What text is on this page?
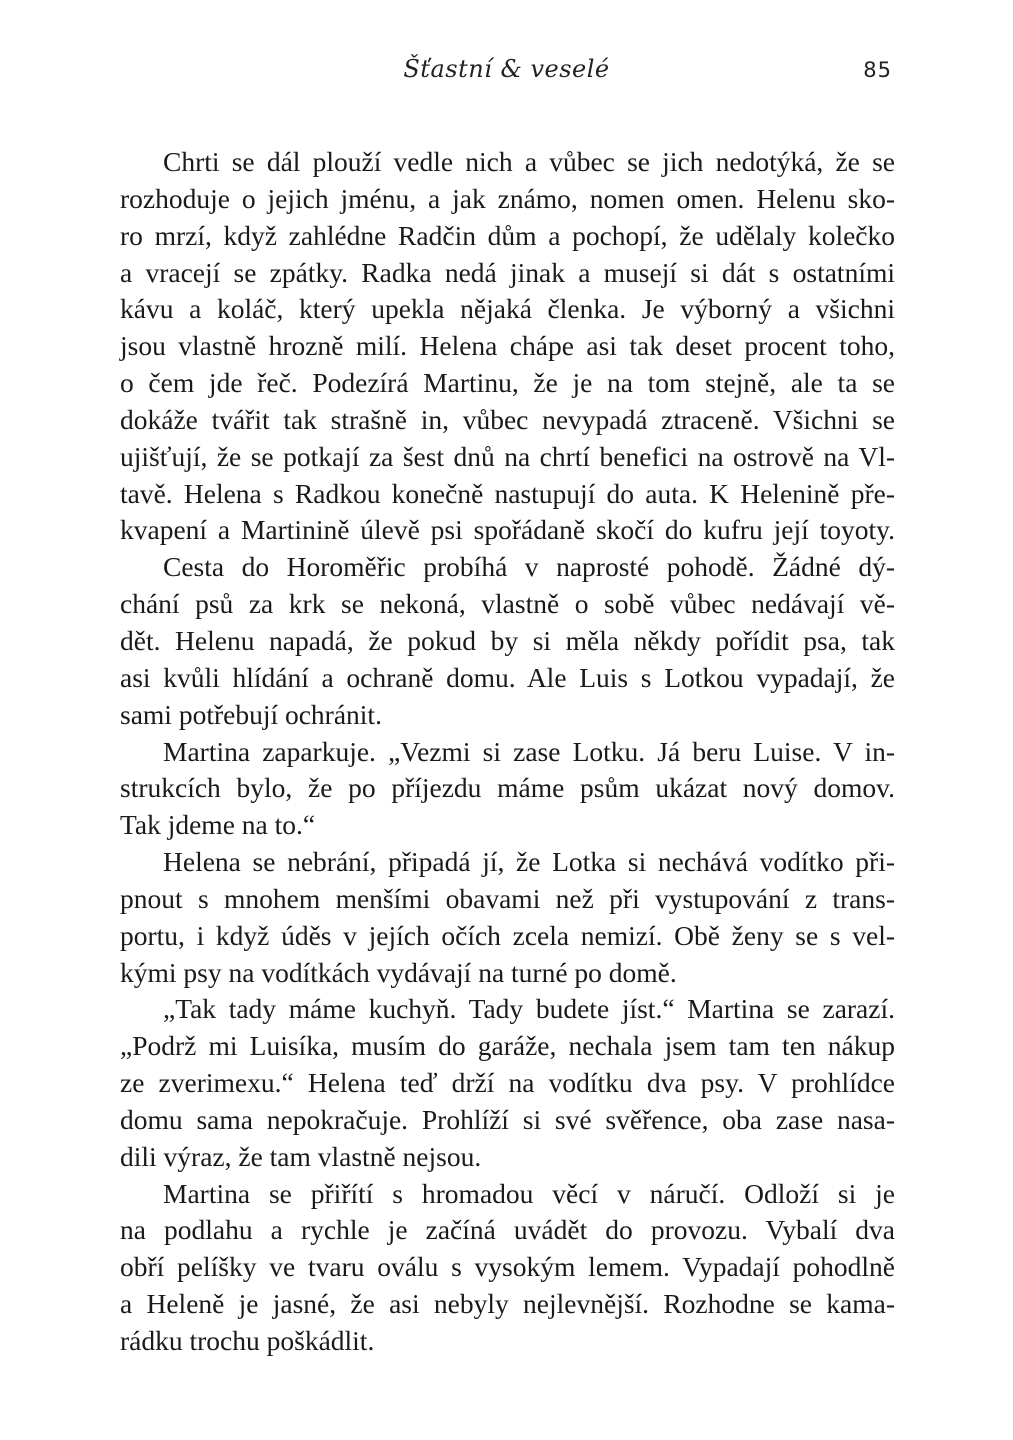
Šťastní & veselé	85
Chrti se dál plouží vedle nich a vůbec se jich nedotýká, že se
rozhoduje o jejich jménu, a jak známo, nomen omen. Helenu sko-
ro mrzí, když zahlédne Radčin dům a pochopí, že udělaly kolečko
a vracejí se zpátky. Radka nedá jinak a musejí si dát s ostatními
kávu a koláč, který upekla nějaká členka. Je výborný a všichni
jsou vlastně hrozně milí. Helena chápe asi tak deset procent toho,
o čem jde řeč. Podezírá Martinu, že je na tom stejně, ale ta se
dokáže tvářit tak strašně in, vůbec nevypadá ztraceně. Všichni se
ujišťují, že se potkají za šest dnů na chrtí benefici na ostrově na Vl-
tavě. Helena s Radkou konečně nastupují do auta. K Helenině pře-
kvapení a Martinině úlevě psi spořádaně skočí do kufru její toyoty.
Cesta do Horoměřic probíhá v naprosté pohodě. Žádné dý-
chání psů za krk se nekoná, vlastně o sobě vůbec nedávají vě-
dět. Helenu napadá, že pokud by si měla někdy pořídit psa, tak
asi kvůli hlídání a ochraně domu. Ale Luis s Lotkou vypadají, že
sami potřebují ochránit.
Martina zaparkuje. „Vezmi si zase Lotku. Já beru Luise. V in-
strukcích bylo, že po příjezdu máme psům ukázat nový domov.
Tak jdeme na to.“
Helena se nebrání, připadá jí, že Lotka si nechává vodítko při-
pnout s mnohem menšími obavami než při vystupování z trans-
portu, i když úděs v jejích očích zcela nemizí. Obě ženy se s vel-
kými psy na vodítkách vydávají na turné po domě.
„Tak tady máme kuchyň. Tady budete jíst.“ Martina se zarazí.
„Podrž mi Luisíka, musím do garáže, nechala jsem tam ten nákup
ze zverimexu.“ Helena teď drží na vodítku dva psy. V prohlídce
domu sama nepokračuje. Prohlíží si své svěřence, oba zase nasa-
dili výraz, že tam vlastně nejsou.
Martina se přiřítí s hromadou věcí v náručí. Odloží si je
na podlahu a rychle je začíná uvádět do provozu. Vybalí dva
obří pelíšky ve tvaru oválu s vysokým lemem. Vypadají pohodlně
a Heleně je jasné, že asi nebyly nejlevnější. Rozhodne se kama-
rádku trochu poškádlit.
